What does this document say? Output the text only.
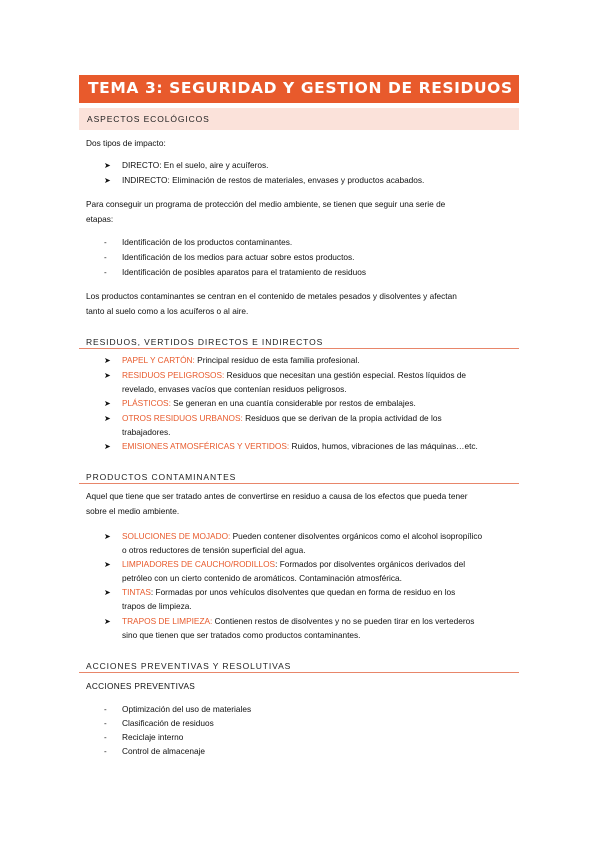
TEMA 3: SEGURIDAD Y GESTION DE RESIDUOS
ASPECTOS ECOLÓGICOS
Dos tipos de impacto:
➤ DIRECTO: En el suelo, aire y acuíferos.
➤ INDIRECTO: Eliminación de restos de materiales, envases y productos acabados.
Para conseguir un programa de protección del medio ambiente, se tienen que seguir una serie de
etapas:
- Identificación de los productos contaminantes.
- Identificación de los medios para actuar sobre estos productos.
- Identificación de posibles aparatos para el tratamiento de residuos
Los productos contaminantes se centran en el contenido de metales pesados y disolventes y afectan
tanto al suelo como a los acuíferos o al aire.
RESIDUOS, VERTIDOS DIRECTOS E INDIRECTOS
➤ PAPEL Y CARTÓN: Principal residuo de esta familia profesional.
➤ RESIDUOS PELIGROSOS: Residuos que necesitan una gestión especial. Restos líquidos de
revelado, envases vacíos que contenían residuos peligrosos.
➤ PLÁSTICOS: Se generan en una cuantía considerable por restos de embalajes.
➤ OTROS RESIDUOS URBANOS: Residuos que se derivan de la propia actividad de los
trabajadores.
➤ EMISIONES ATMOSFÉRICAS Y VERTIDOS: Ruidos, humos, vibraciones de las máquinas…etc.
PRODUCTOS CONTAMINANTES
Aquel que tiene que ser tratado antes de convertirse en residuo a causa de los efectos que pueda tener
sobre el medio ambiente.
➤ SOLUCIONES DE MOJADO: Pueden contener disolventes orgánicos como el alcohol isopropílico
o otros reductores de tensión superficial del agua.
➤ LIMPIADORES DE CAUCHO/RODILLOS: Formados por disolventes orgánicos derivados del
petróleo con un cierto contenido de aromáticos. Contaminación atmosférica.
➤ TINTAS: Formadas por unos vehículos disolventes que quedan en forma de residuo en los
trapos de limpieza.
➤ TRAPOS DE LIMPIEZA: Contienen restos de disolventes y no se pueden tirar en los vertederos
sino que tienen que ser tratados como productos contaminantes.
ACCIONES PREVENTIVAS Y RESOLUTIVAS
ACCIONES PREVENTIVAS
- Optimización del uso de materiales
- Clasificación de residuos
- Reciclaje interno
- Control de almacenaje
